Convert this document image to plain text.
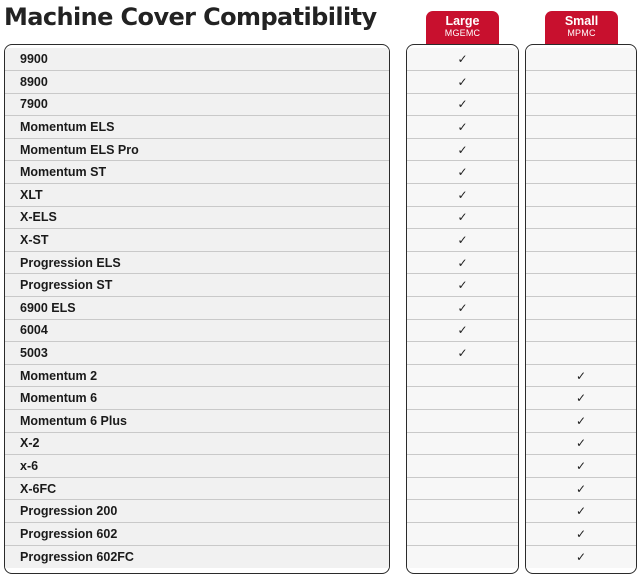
Machine Cover Compatibility	Large
MGEMC
Small
MPMC
9900
8900
7900
Momentum ELS
Momentum ELS Pro
Momentum ST
XLT
X-ELS
X-ST
Progression ELS
Progression ST
6900 ELS
6004
5003
Momentum 2
Momentum 6
Momentum 6 Plus
X-2
x-6
X-6FC
Progression 200
Progression 602
Progression 602FC
✓
✓
✓
✓
✓
✓
✓
✓
✓
✓
✓
✓
✓
✓
✓
✓
✓
✓
✓
✓
✓
✓
✓
